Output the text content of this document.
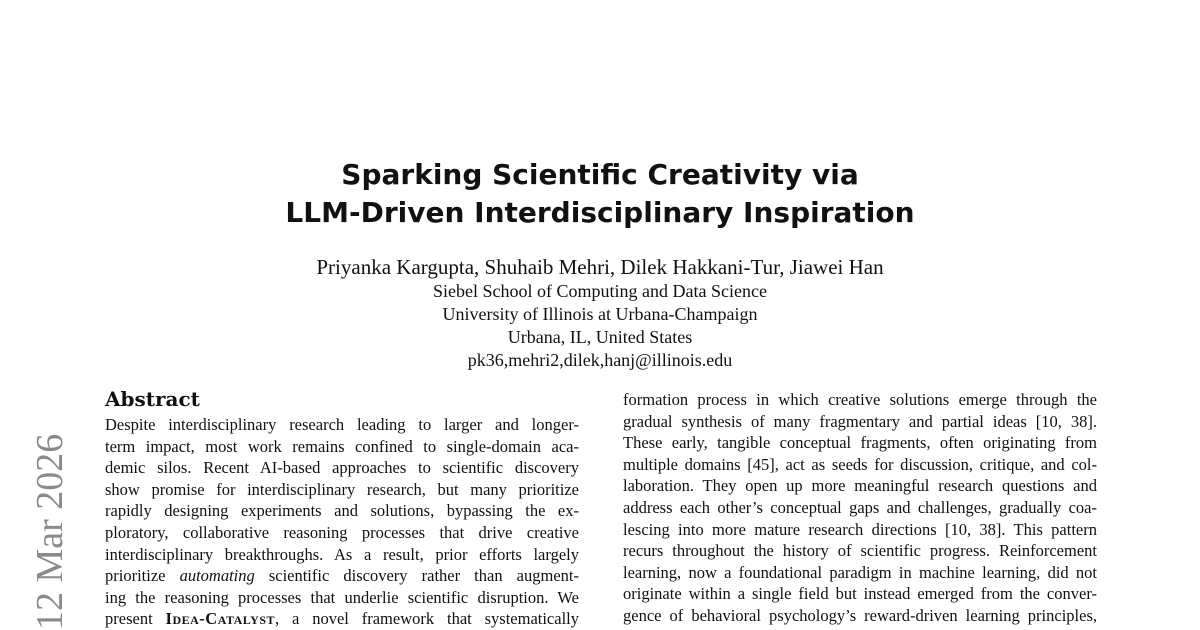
12 Mar 2026
Sparking Scientific Creativity via
LLM-Driven Interdisciplinary Inspiration
Priyanka Kargupta, Shuhaib Mehri, Dilek Hakkani-Tur, Jiawei Han
Siebel School of Computing and Data Science
University of Illinois at Urbana-Champaign
Urbana, IL, United States
pk36,mehri2,dilek,hanj@illinois.edu
Abstract
Despite interdisciplinary research leading to larger and longer-
term impact, most work remains confined to single-domain aca-
demic silos. Recent AI-based approaches to scientific discovery
show promise for interdisciplinary research, but many prioritize
rapidly designing experiments and solutions, bypassing the ex-
ploratory, collaborative reasoning processes that drive creative
interdisciplinary breakthroughs. As a result, prior efforts largely
prioritize automating scientific discovery rather than augment-
ing the reasoning processes that underlie scientific disruption. We
present Idea-Catalyst, a novel framework that systematically
formation process in which creative solutions emerge through the
gradual synthesis of many fragmentary and partial ideas [10, 38].
These early, tangible conceptual fragments, often originating from
multiple domains [45], act as seeds for discussion, critique, and col-
laboration. They open up more meaningful research questions and
address each other’s conceptual gaps and challenges, gradually coa-
lescing into more mature research directions [10, 38]. This pattern
recurs throughout the history of scientific progress. Reinforcement
learning, now a foundational paradigm in machine learning, did not
originate within a single field but instead emerged from the conver-
gence of behavioral psychology’s reward-driven learning principles,
